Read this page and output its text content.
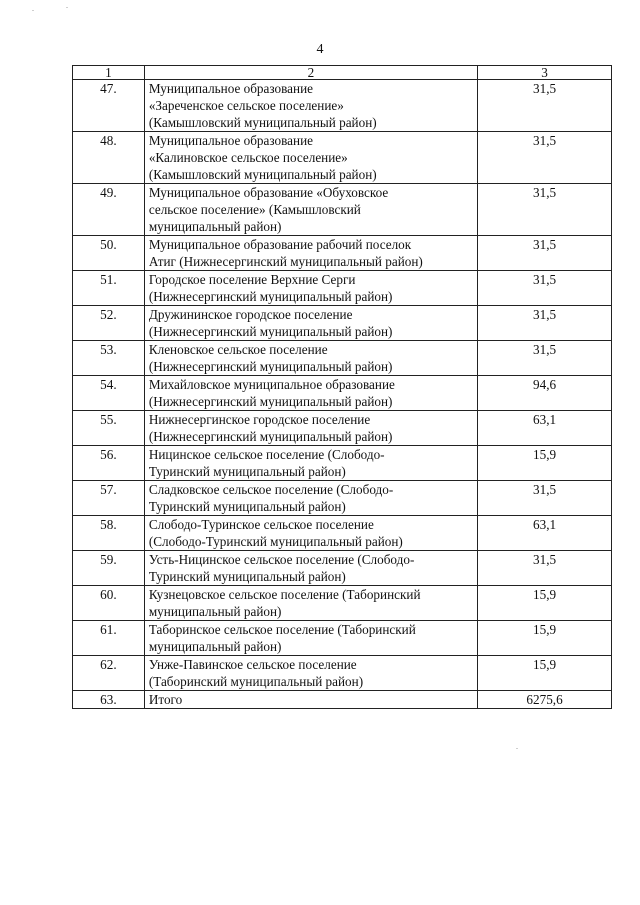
4
1	2	3
47.	Муниципальное образование
«Зареченское сельское поселение»
(Камышловский муниципальный район)	31,5
48.	Муниципальное образование
«Калиновское сельское поселение»
(Камышловский муниципальный район)	31,5
49.	Муниципальное образование «Обуховское
сельское поселение» (Камышловский
муниципальный район)	31,5
50.	Муниципальное образование рабочий поселок
Атиг (Нижнесергинский муниципальный район)	31,5
51.	Городское поселение Верхние Серги
(Нижнесергинский муниципальный район)	31,5
52.	Дружининское городское поселение
(Нижнесергинский муниципальный район)	31,5
53.	Кленовское сельское поселение
(Нижнесергинский муниципальный район)	31,5
54.	Михайловское муниципальное образование
(Нижнесергинский муниципальный район)	94,6
55.	Нижнесергинское городское поселение
(Нижнесергинский муниципальный район)	63,1
56.	Ницинское сельское поселение (Слободо-
Туринский муниципальный район)	15,9
57.	Сладковское сельское поселение (Слободо-
Туринский муниципальный район)	31,5
58.	Слободо-Туринское сельское поселение
(Слободо-Туринский муниципальный район)	63,1
59.	Усть-Ницинское сельское поселение (Слободо-
Туринский муниципальный район)	31,5
60.	Кузнецовское сельское поселение (Таборинский
муниципальный район)	15,9
61.	Таборинское сельское поселение (Таборинский
муниципальный район)	15,9
62.	Унже-Павинское сельское поселение
(Таборинский муниципальный район)	15,9
63.	Итого	6275,6
